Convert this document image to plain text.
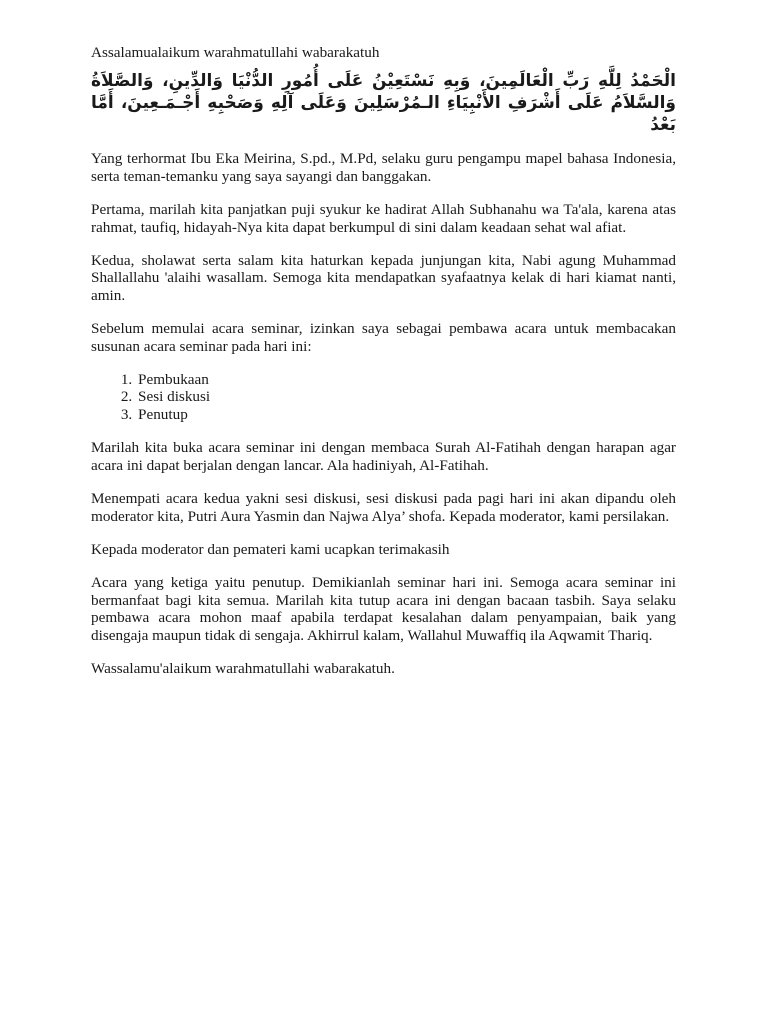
Assalamualaikum warahmatullahi wabarakatuh

الْحَمْدُ لِلَّهِ رَبِّ الْعَالَمِينَ، وَبِهِ نَسْتَعِيْنُ عَلَى أُمُورِ الدُّنْيَا وَالدِّينِ، وَالصَّلاَةُ وَالسَّلاَمُ عَلَى أَشْرَفِ الأَنْبِيَاءِ الـمُرْسَلِينَ وَعَلَى آلِهِ وَصَحْبِهِ أَجْـمَـعِينَ، أَمَّا بَعْدُ

Yang terhormat Ibu Eka Meirina, S.pd., M.Pd, selaku guru pengampu mapel bahasa Indonesia, serta teman-temanku yang saya sayangi dan banggakan.

Pertama, marilah kita panjatkan puji syukur ke hadirat Allah Subhanahu wa Ta'ala, karena atas rahmat, taufiq, hidayah-Nya kita dapat berkumpul di sini dalam keadaan sehat wal afiat.

Kedua, sholawat serta salam kita haturkan kepada junjungan kita, Nabi agung Muhammad Shallallahu 'alaihi wasallam. Semoga kita mendapatkan syafaatnya kelak di hari kiamat nanti, amin.

Sebelum memulai acara seminar, izinkan saya sebagai pembawa acara untuk membacakan susunan acara seminar pada hari ini:

1. Pembukaan
2. Sesi diskusi
3. Penutup

Marilah kita buka acara seminar ini dengan membaca Surah Al-Fatihah dengan harapan agar acara ini dapat berjalan dengan lancar. Ala hadiniyah, Al-Fatihah.

Menempati acara kedua yakni sesi diskusi, sesi diskusi pada pagi hari ini akan dipandu oleh moderator kita, Putri Aura Yasmin dan Najwa Alya’ shofa. Kepada moderator, kami persilakan.

Kepada moderator dan pemateri kami ucapkan terimakasih

Acara yang ketiga yaitu penutup. Demikianlah seminar hari ini. Semoga acara seminar ini bermanfaat bagi kita semua. Marilah kita tutup acara ini dengan bacaan tasbih. Saya selaku pembawa acara mohon maaf apabila terdapat kesalahan dalam penyampaian, baik yang disengaja maupun tidak di sengaja. Akhirrul kalam, Wallahul Muwaffiq ila Aqwamit Thariq.

Wassalamu'alaikum warahmatullahi wabarakatuh.
